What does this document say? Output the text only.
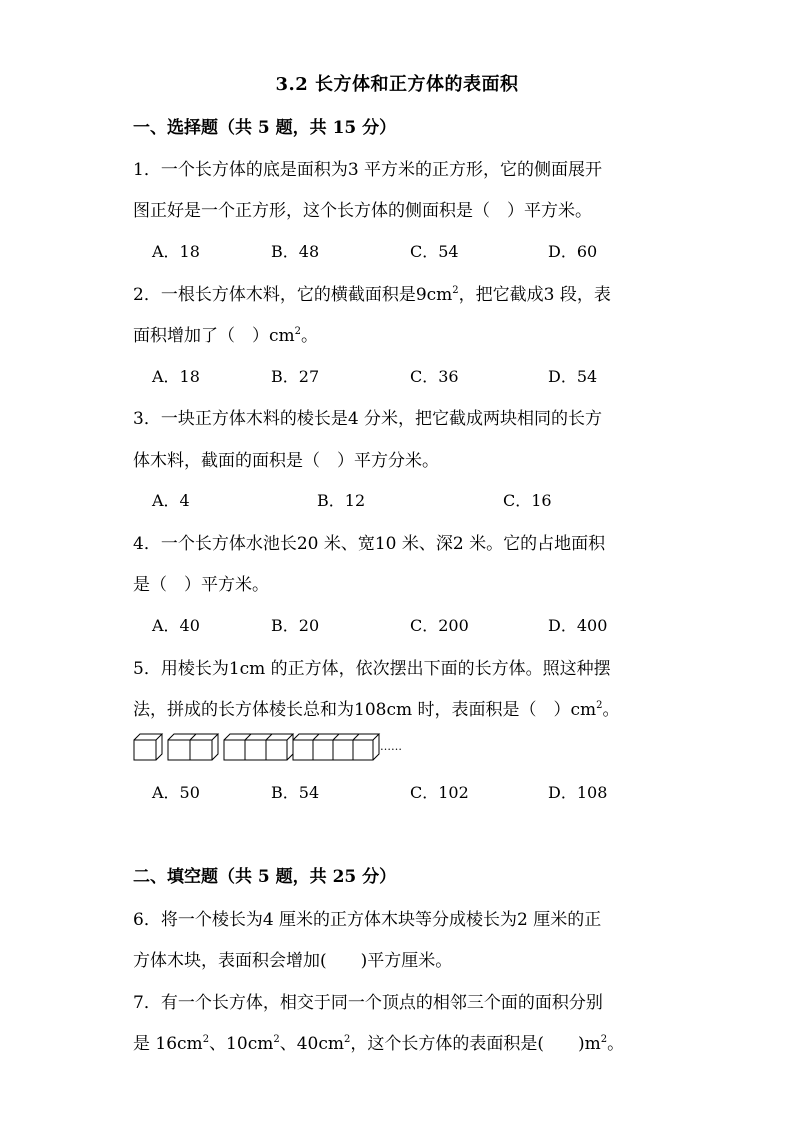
3.2 长方体和正方体的表面积
一、选择题（共 5 题，共 15 分）
1．一个长方体的底是面积为3 平方米的正方形，它的侧面展开
图正好是一个正方形，这个长方体的侧面积是（　）平方米。
A．18	B．48	C．54	D．60
2．一根长方体木料，它的横截面积是$9cm^2$，把它截成3 段，表
面积增加了（　）$cm^2$。
A．18	B．27	C．36	D．54
3．一块正方体木料的棱长是4 分米，把它截成两块相同的长方
体木料，截面的面积是（　）平方分米。
A．4	B．12	C．16
4．一个长方体水池长20 米、宽10 米、深2 米。它的占地面积
是（　）平方米。
A．40	B．20	C．200	D．400
5．用棱长为1cm 的正方体，依次摆出下面的长方体。照这种摆
法，拼成的长方体棱长总和为108cm 时，表面积是（　）$cm^2$。
……
A．50	B．54	C．102	D．108
二、填空题（共 5 题，共 25 分）
6．将一个棱长为4 厘米的正方体木块等分成棱长为2 厘米的正
方体木块，表面积会增加(　　)平方厘米。
7．有一个长方体，相交于同一个顶点的相邻三个面的面积分别
是 $16cm^2$、$10cm^2$、$40cm^2$，这个长方体的表面积是(　　)$m^2$。
